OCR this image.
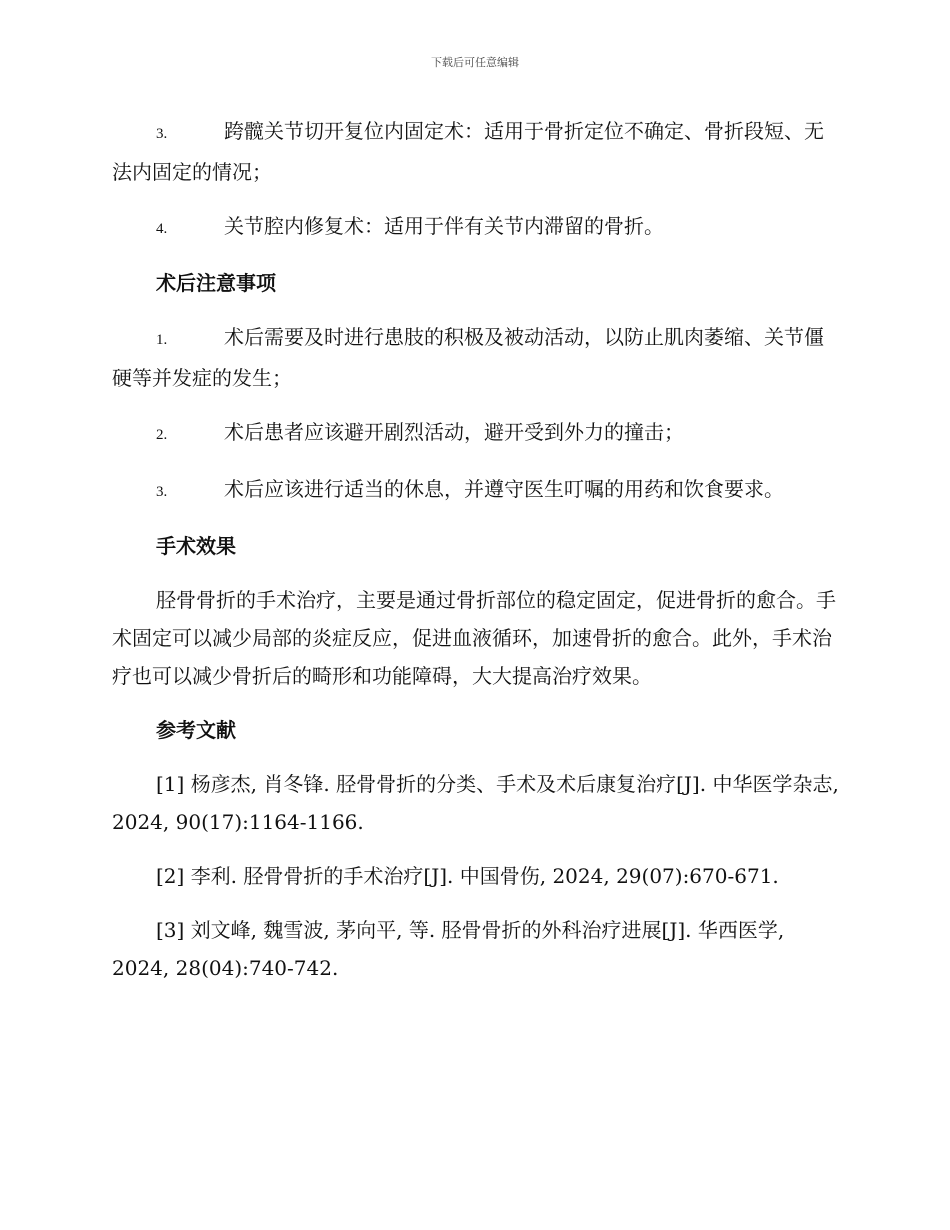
下载后可任意编辑

3.	跨髋关节切开复位内固定术：适用于骨折定位不确定、骨折段短、无法内固定的情况；

4.	关节腔内修复术：适用于伴有关节内滞留的骨折。

术后注意事项

1.	术后需要及时进行患肢的积极及被动活动，以防止肌肉萎缩、关节僵硬等并发症的发生；

2.	术后患者应该避开剧烈活动，避开受到外力的撞击；

3.	术后应该进行适当的休息，并遵守医生叮嘱的用药和饮食要求。

手术效果

胫骨骨折的手术治疗，主要是通过骨折部位的稳定固定，促进骨折的愈合。手术固定可以减少局部的炎症反应，促进血液循环，加速骨折的愈合。此外，手术治疗也可以减少骨折后的畸形和功能障碍，大大提高治疗效果。

参考文献

[1] 杨彦杰, 肖冬锋. 胫骨骨折的分类、手术及术后康复治疗[J]. 中华医学杂志, 2024, 90(17):1164-1166.

[2] 李利. 胫骨骨折的手术治疗[J]. 中国骨伤, 2024, 29(07):670-671.

[3] 刘文峰, 魏雪波, 茅向平, 等. 胫骨骨折的外科治疗进展[J]. 华西医学, 2024, 28(04):740-742.
